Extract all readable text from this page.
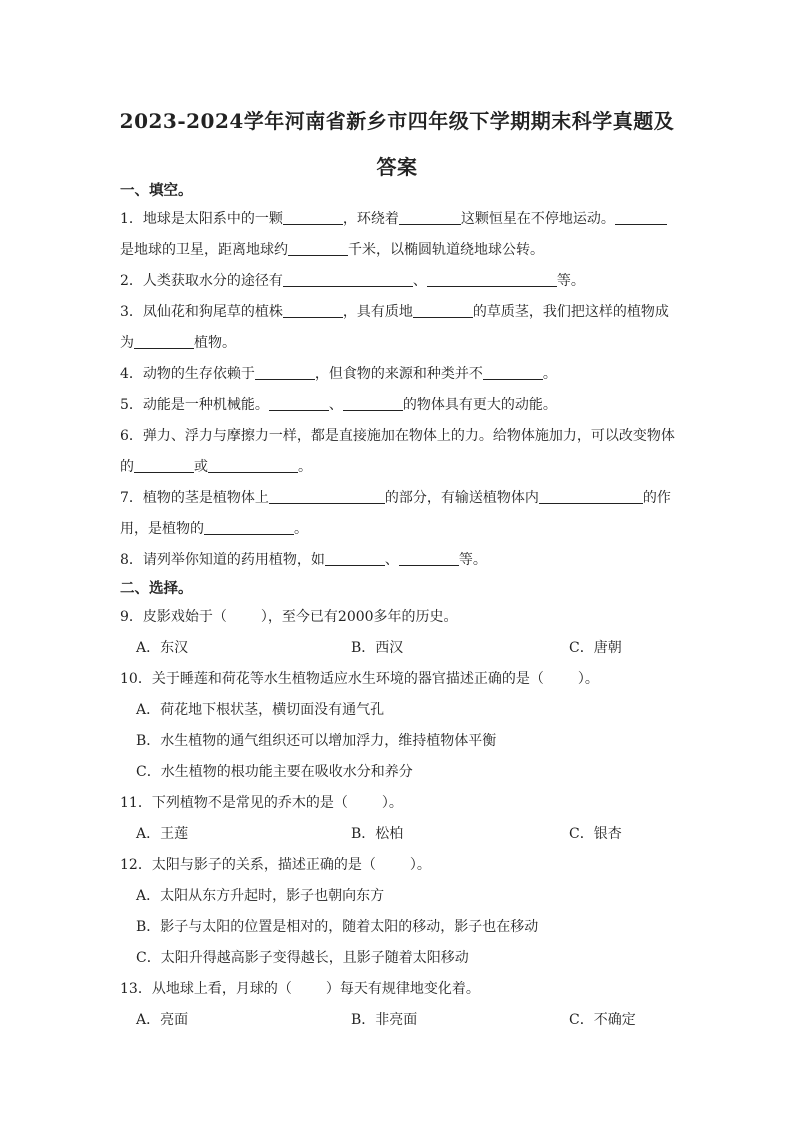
2023-2024学年河南省新乡市四年级下学期期末科学真题及
答案
一、填空。
1．地球是太阳系中的一颗	，环绕着	这颗恒星在不停地运动。
是地球的卫星，距离地球约	千米，以椭圆轨道绕地球公转。
2．人类获取水分的途径有	、	等。
3．凤仙花和狗尾草的植株	，具有质地	的草质茎，我们把这样的植物成
为	植物。
4．动物的生存依赖于	，但食物的来源和种类并不	。
5．动能是一种机械能。	、	的物体具有更大的动能。
6．弹力、浮力与摩擦力一样，都是直接施加在物体上的力。给物体施加力，可以改变物体
的	或	。
7．植物的茎是植物体上	的部分，有输送植物体内	的作
用，是植物的	。
8．请列举你知道的药用植物，如	、	等。
二、选择。
9．皮影戏始于（ ），至今已有2000多年的历史。
A．东汉	B．西汉	C．唐朝
10．关于睡莲和荷花等水生植物适应水生环境的器官描述正确的是（ ）。
A．荷花地下根状茎，横切面没有通气孔
B．水生植物的通气组织还可以增加浮力，维持植物体平衡
C．水生植物的根功能主要在吸收水分和养分
11．下列植物不是常见的乔木的是（ ）。
A．王莲	B．松柏	C．银杏
12．太阳与影子的关系，描述正确的是（ ）。
A．太阳从东方升起时，影子也朝向东方
B．影子与太阳的位置是相对的，随着太阳的移动，影子也在移动
C．太阳升得越高影子变得越长，且影子随着太阳移动
13．从地球上看，月球的（ ）每天有规律地变化着。
A．亮面	B．非亮面	C．不确定
